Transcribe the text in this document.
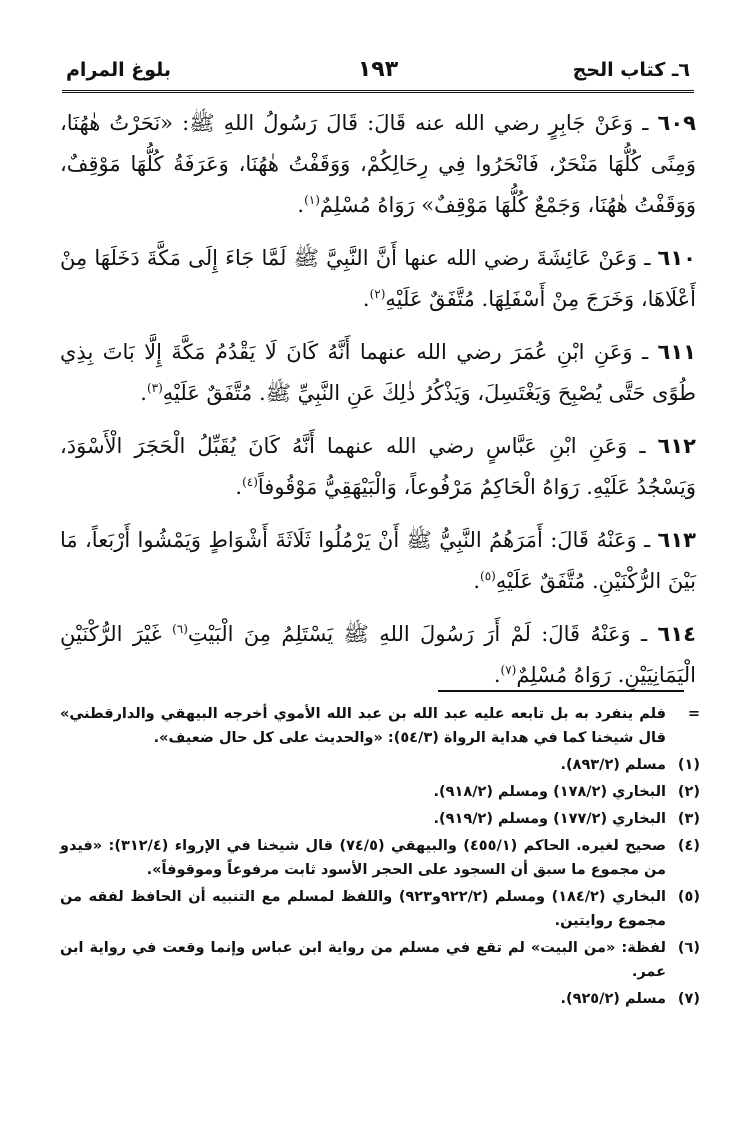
٦ـ كتاب الحج
١٩٣
بلوغ المرام

٦٠٩ ـ وَعَنْ جَابِرٍ رضي الله عنه قَالَ: قَالَ رَسُولُ اللهِ ﷺ: «نَحَرْتُ هٰهُنَا، وَمِنًى كُلُّهَا مَنْحَرٌ، فَانْحَرُوا فِي رِحَالِكُمْ، وَوَقَفْتُ هٰهُنَا، وَعَرَفَةُ كُلُّهَا مَوْقِفٌ، وَوَقَفْتُ هٰهُنَا، وَجَمْعٌ كُلُّهَا مَوْقِفٌ» رَوَاهُ مُسْلِمٌ$^{(١)}$.

٦١٠ ـ وَعَنْ عَائِشَةَ رضي الله عنها أَنَّ النَّبِيَّ ﷺ لَمَّا جَاءَ إِلَى مَكَّةَ دَخَلَهَا مِنْ أَعْلَاهَا، وَخَرَجَ مِنْ أَسْفَلِهَا. مُتَّفَقٌ عَلَيْهِ$^{(٢)}$.

٦١١ ـ وَعَنِ ابْنِ عُمَرَ رضي الله عنهما أَنَّهُ كَانَ لَا يَقْدُمُ مَكَّةَ إِلَّا بَاتَ بِذِي طُوًى حَتَّى يُصْبِحَ وَيَغْتَسِلَ، وَيَذْكُرُ ذٰلِكَ عَنِ النَّبِيِّ ﷺ. مُتَّفَقٌ عَلَيْهِ$^{(٣)}$.

٦١٢ ـ وَعَنِ ابْنِ عَبَّاسٍ رضي الله عنهما أَنَّهُ كَانَ يُقَبِّلُ الْحَجَرَ الْأَسْوَدَ، وَيَسْجُدُ عَلَيْهِ. رَوَاهُ الْحَاكِمُ مَرْفُوعاً، وَالْبَيْهَقِيُّ مَوْقُوفاً$^{(٤)}$.

٦١٣ ـ وَعَنْهُ قَالَ: أَمَرَهُمُ النَّبِيُّ ﷺ أَنْ يَرْمُلُوا ثَلَاثَةَ أَشْوَاطٍ وَيَمْشُوا أَرْبَعاً، مَا بَيْنَ الرُّكْنَيْنِ. مُتَّفَقٌ عَلَيْهِ$^{(٥)}$.

٦١٤ ـ وَعَنْهُ قَالَ: لَمْ أَرَ رَسُولَ اللهِ ﷺ يَسْتَلِمُ مِنَ الْبَيْتِ$^{(٦)}$ غَيْرَ الرُّكْنَيْنِ الْيَمَانِيَيْنِ. رَوَاهُ مُسْلِمٌ$^{(٧)}$.

=
فلم ينفرد به بل تابعه عليه عبد الله بن عبد الله الأموي أخرجه البيهقي والدارقطني» قال شيخنا كما في هداية الرواة (٥٤/٣): «والحديث على كل حال ضعيف».
(١)
مسلم (٨٩٣/٢).
(٢)
البخاري (١٧٨/٢) ومسلم (٩١٨/٢).
(٣)
البخاري (١٧٧/٢) ومسلم (٩١٩/٢).
(٤)
صحيح لغيره. الحاكم (٤٥٥/١) والبيهقي (٧٤/٥) قال شيخنا في الإرواء (٣١٢/٤): «فيدو من مجموع ما سبق أن السجود على الحجر الأسود ثابت مرفوعاً وموقوفاً».
(٥)
البخاري (١٨٤/٢) ومسلم (٩٢٢/٢و٩٢٣) واللفظ لمسلم مع التنبيه أن الحافظ لفقه من مجموع روايتين.
(٦)
لفظة: «من البيت» لم تقع في مسلم من رواية ابن عباس وإنما وقعت في رواية ابن عمر.
(٧)
مسلم (٩٢٥/٢).
